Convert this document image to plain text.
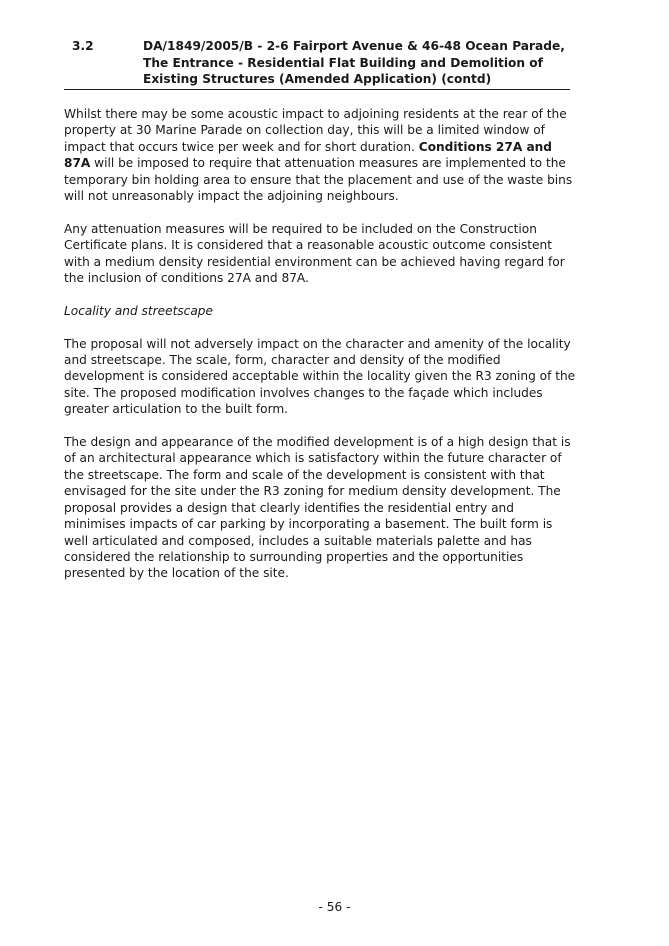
3.2	DA/1849/2005/B - 2-6 Fairport Avenue & 46-48 Ocean Parade, The Entrance - Residential Flat Building and Demolition of Existing Structures (Amended Application) (contd)

Whilst there may be some acoustic impact to adjoining residents at the rear of the property at 30 Marine Parade on collection day, this will be a limited window of impact that occurs twice per week and for short duration. Conditions 27A and 87A will be imposed to require that attenuation measures are implemented to the temporary bin holding area to ensure that the placement and use of the waste bins will not unreasonably impact the adjoining neighbours.

Any attenuation measures will be required to be included on the Construction Certificate plans. It is considered that a reasonable acoustic outcome consistent with a medium density residential environment can be achieved having regard for the inclusion of conditions 27A and 87A.

Locality and streetscape

The proposal will not adversely impact on the character and amenity of the locality and streetscape. The scale, form, character and density of the modified development is considered acceptable within the locality given the R3 zoning of the site. The proposed modification involves changes to the façade which includes greater articulation to the built form.

The design and appearance of the modified development is of a high design that is of an architectural appearance which is satisfactory within the future character of the streetscape. The form and scale of the development is consistent with that envisaged for the site under the R3 zoning for medium density development. The proposal provides a design that clearly identifies the residential entry and minimises impacts of car parking by incorporating a basement. The built form is well articulated and composed, includes a suitable materials palette and has considered the relationship to surrounding properties and the opportunities presented by the location of the site.

- 56 -
